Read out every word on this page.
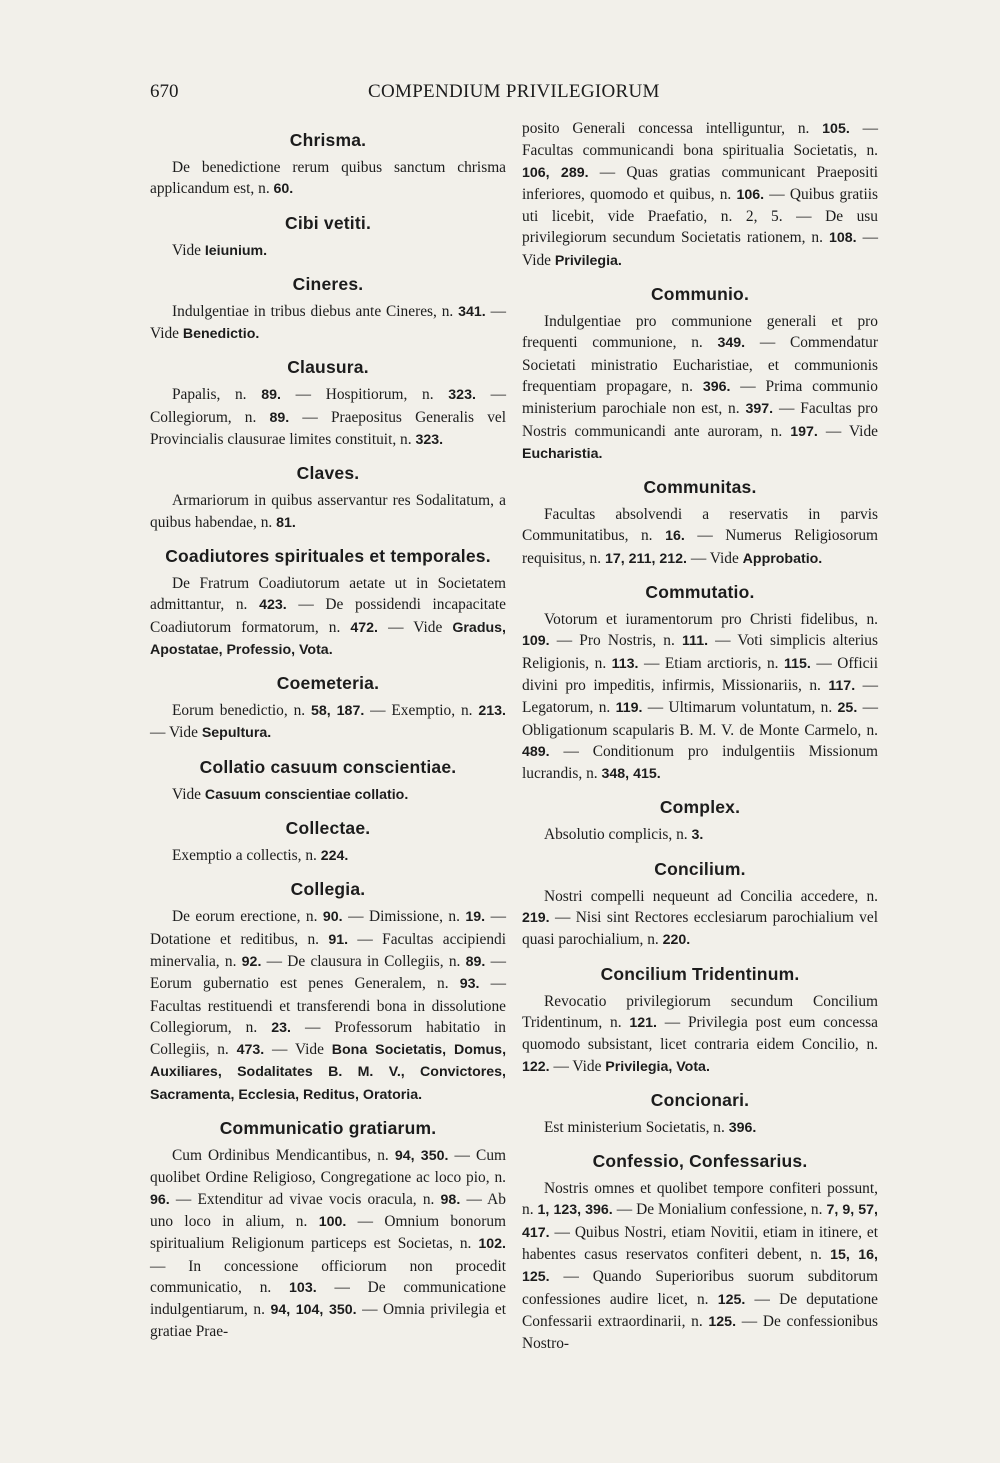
670	COMPENDIUM PRIVILEGIORUM
Chrisma.
De benedictione rerum quibus sanctum chrisma applicandum est, n. 60.
Cibi vetiti.
Vide Ieiunium.
Cineres.
Indulgentiae in tribus diebus ante Cineres, n. 341. — Vide Benedictio.
Clausura.
Papalis, n. 89. — Hospitiorum, n. 323. — Collegiorum, n. 89. — Praepositus Generalis vel Provincialis clausurae limites constituit, n. 323.
Claves.
Armariorum in quibus asservantur res Sodalitatum, a quibus habendae, n. 81.
Coadiutores spirituales et temporales.
De Fratrum Coadiutorum aetate ut in Societatem admittantur, n. 423. — De possidendi incapacitate Coadiutorum formatorum, n. 472. — Vide Gradus, Apostatae, Professio, Vota.
Coemeteria.
Eorum benedictio, n. 58, 187. — Exemptio, n. 213. — Vide Sepultura.
Collatio casuum conscientiae.
Vide Casuum conscientiae collatio.
Collectae.
Exemptio a collectis, n. 224.
Collegia.
De eorum erectione, n. 90. — Dimissione, n. 19. — Dotatione et reditibus, n. 91. — Facultas accipiendi minervalia, n. 92. — De clausura in Collegiis, n. 89. — Eorum gubernatio est penes Generalem, n. 93. — Facultas restituendi et transferendi bona in dissolutione Collegiorum, n. 23. — Professorum habitatio in Collegiis, n. 473. — Vide Bona Societatis, Domus, Auxiliares, Sodalitates B. M. V., Convictores, Sacramenta, Ecclesia, Reditus, Oratoria.
Communicatio gratiarum.
Cum Ordinibus Mendicantibus, n. 94, 350. — Cum quolibet Ordine Religioso, Congregatione ac loco pio, n. 96. — Extenditur ad vivae vocis oracula, n. 98. — Ab uno loco in alium, n. 100. — Omnium bonorum spiritualium Religionum particeps est Societas, n. 102. — In concessione officiorum non procedit communicatio, n. 103. — De communicatione indulgentiarum, n. 94, 104, 350. — Omnia privilegia et gratiae Prae-
posito Generali concessa intelliguntur, n. 105. — Facultas communicandi bona spiritualia Societatis, n. 106, 289. — Quas gratias communicant Praepositi inferiores, quomodo et quibus, n. 106. — Quibus gratiis uti licebit, vide Praefatio, n. 2, 5. — De usu privilegiorum secundum Societatis rationem, n. 108. — Vide Privilegia.
Communio.
Indulgentiae pro communione generali et pro frequenti communione, n. 349. — Commendatur Societati ministratio Eucharistiae, et communionis frequentiam propagare, n. 396. — Prima communio ministerium parochiale non est, n. 397. — Facultas pro Nostris communicandi ante auroram, n. 197. — Vide Eucharistia.
Communitas.
Facultas absolvendi a reservatis in parvis Communitatibus, n. 16. — Numerus Religiosorum requisitus, n. 17, 211, 212. — Vide Approbatio.
Commutatio.
Votorum et iuramentorum pro Christi fidelibus, n. 109. — Pro Nostris, n. 111. — Voti simplicis alterius Religionis, n. 113. — Etiam arctioris, n. 115. — Officii divini pro impeditis, infirmis, Missionariis, n. 117. — Legatorum, n. 119. — Ultimarum voluntatum, n. 25. — Obligationum scapularis B. M. V. de Monte Carmelo, n. 489. — Conditionum pro indulgentiis Missionum lucrandis, n. 348, 415.
Complex.
Absolutio complicis, n. 3.
Concilium.
Nostri compelli nequeunt ad Concilia accedere, n. 219. — Nisi sint Rectores ecclesiarum parochialium vel quasi parochialium, n. 220.
Concilium Tridentinum.
Revocatio privilegiorum secundum Concilium Tridentinum, n. 121. — Privilegia post eum concessa quomodo subsistant, licet contraria eidem Concilio, n. 122. — Vide Privilegia, Vota.
Concionari.
Est ministerium Societatis, n. 396.
Confessio, Confessarius.
Nostris omnes et quolibet tempore confiteri possunt, n. 1, 123, 396. — De Monialium confessione, n. 7, 9, 57, 417. — Quibus Nostri, etiam Novitii, etiam in itinere, et habentes casus reservatos confiteri debent, n. 15, 16, 125. — Quando Superioribus suorum subditorum confessiones audire licet, n. 125. — De deputatione Confessarii extraordinarii, n. 125. — De confessionibus Nostro-
